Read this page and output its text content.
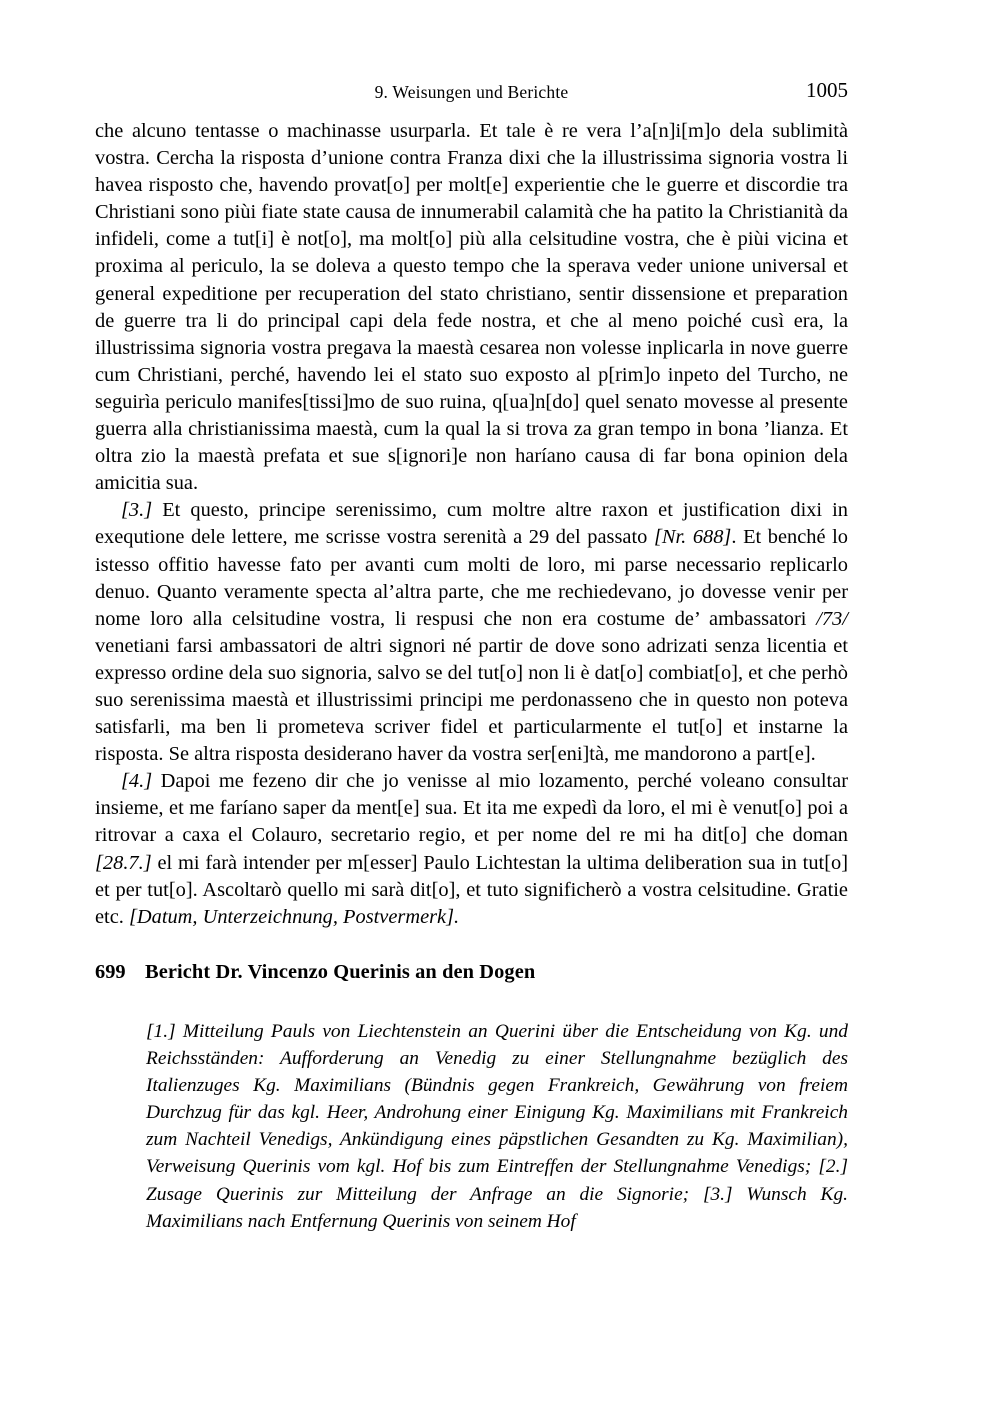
9. Weisungen und Berichte	1005

che alcuno tentasse o machinasse usurparla. Et tale è re vera l’a[n]i[m]o dela sublimità vostra. Cercha la risposta d’unione contra Franza dixi che la illustrissima signoria vostra li havea risposto che, havendo provat[o] per molt[e] experientie che le guerre et discordie tra Christiani sono piùi fiate state causa de innumerabil calamità che ha patito la Christianità da infideli, come a tut[i] è not[o], ma molt[o] più alla celsitudine vostra, che è piùi vicina et proxima al periculo, la se doleva a questo tempo che la sperava veder unione universal et general expeditione per recuperation del stato christiano, sentir dissensione et preparation de guerre tra li do principal capi dela fede nostra, et che al meno poiché cusì era, la illustrissima signoria vostra pregava la maestà cesarea non volesse inplicarla in nove guerre cum Christiani, perché, havendo lei el stato suo exposto al p[rim]o inpeto del Turcho, ne seguirìa periculo manifes[tissi]mo de suo ruina, q[ua]n[do] quel senato movesse al presente guerra alla christianissima maestà, cum la qual la si trova za gran tempo in bona ’lianza. Et oltra zio la maestà prefata et sue s[ignori]e non haríano causa di far bona opinion dela amicitia sua.

[3.] Et questo, principe serenissimo, cum moltre altre raxon et justification dixi in exequtione dele lettere, me scrisse vostra serenità a 29 del passato [Nr. 688]. Et benché lo istesso offitio havesse fato per avanti cum molti de loro, mi parse necessario replicarlo denuo. Quanto veramente specta al’altra parte, che me rechiedevano, jo dovesse venir per nome loro alla celsitudine vostra, li respusi che non era costume de’ ambassatori /73/ venetiani farsi ambassatori de altri signori né partir de dove sono adrizati senza licentia et expresso ordine dela suo signoria, salvo se del tut[o] non li è dat[o] combiat[o], et che perhò suo serenissima maestà et illustrissimi principi me perdonasseno che in questo non poteva satisfarli, ma ben li prometeva scriver fidel et particularmente el tut[o] et instarne la risposta. Se altra risposta desiderano haver da vostra ser[eni]tà, me mandorono a part[e].

[4.] Dapoi me fezeno dir che jo venisse al mio lozamento, perché voleano consultar insieme, et me faríano saper da ment[e] sua. Et ita me expedì da loro, el mi è venut[o] poi a ritrovar a caxa el Colauro, secretario regio, et per nome del re mi ha dit[o] che doman [28.7.] el mi farà intender per m[esser] Paulo Lichtestan la ultima deliberation sua in tut[o] et per tut[o]. Ascoltarò quello mi sarà dit[o], et tuto significherò a vostra celsitudine. Gratie etc. [Datum, Unterzeichnung, Postvermerk].

699 Bericht Dr. Vincenzo Querinis an den Dogen

[1.] Mitteilung Pauls von Liechtenstein an Querini über die Entscheidung von Kg. und Reichsständen: Aufforderung an Venedig zu einer Stellungnahme bezüglich des Italienzuges Kg. Maximilians (Bündnis gegen Frankreich, Gewährung von freiem Durchzug für das kgl. Heer, Androhung einer Einigung Kg. Maximilians mit Frankreich zum Nachteil Venedigs, Ankündigung eines päpstlichen Gesandten zu Kg. Maximilian), Verweisung Querinis vom kgl. Hof bis zum Eintreffen der Stellungnahme Venedigs; [2.] Zusage Querinis zur Mitteilung der Anfrage an die Signorie; [3.] Wunsch Kg. Maximilians nach Entfernung Querinis von seinem Hof
